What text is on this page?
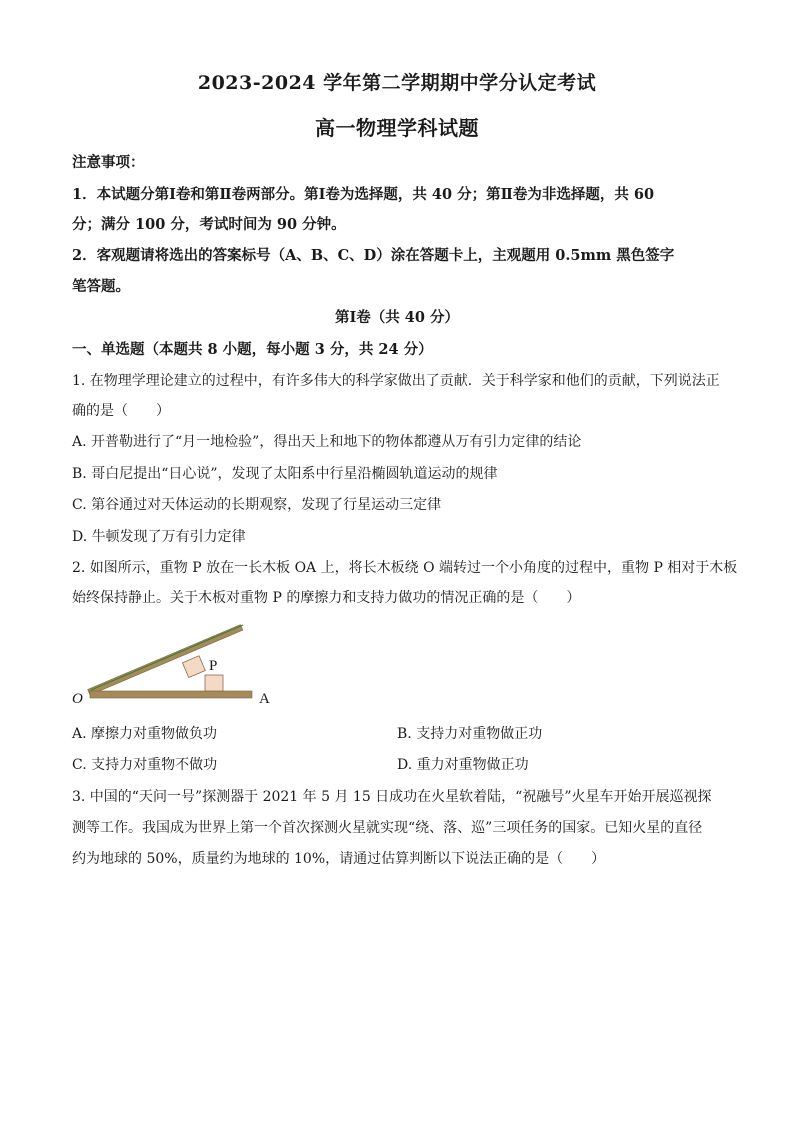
2023-2024 学年第二学期期中学分认定考试
高一物理学科试题
注意事项：
1．本试题分第Ⅰ卷和第Ⅱ卷两部分。第Ⅰ卷为选择题，共 40 分；第Ⅱ卷为非选择题，共 60
分；满分 100 分，考试时间为 90 分钟。
2．客观题请将选出的答案标号（A、B、C、D）涂在答题卡上，主观题用 0.5mm 黑色签字
笔答题。
第Ⅰ卷（共 40 分）
一、单选题（本题共 8 小题，每小题 3 分，共 24 分）
1. 在物理学理论建立的过程中，有许多伟大的科学家做出了贡献．关于科学家和他们的贡献，下列说法正
确的是（　　）
A. 开普勒进行了“月一地检验”，得出天上和地下的物体都遵从万有引力定律的结论
B. 哥白尼提出“日心说”，发现了太阳系中行星沿椭圆轨道运动的规律
C. 第谷通过对天体运动的长期观察，发现了行星运动三定律
D. 牛顿发现了万有引力定律
2. 如图所示，重物 P 放在一长木板 OA 上，将长木板绕 O 端转过一个小角度的过程中，重物 P 相对于木板
始终保持静止。关于木板对重物 P 的摩擦力和支持力做功的情况正确的是（　　）
O	A
P
A. 摩擦力对重物做负功	B. 支持力对重物做正功
C. 支持力对重物不做功	D. 重力对重物做正功
3. 中国的“天问一号”探测器于 2021 年 5 月 15 日成功在火星软着陆，“祝融号”火星车开始开展巡视探
测等工作。我国成为世界上第一个首次探测火星就实现“绕、落、巡”三项任务的国家。已知火星的直径
约为地球的 50%，质量约为地球的 10%，请通过估算判断以下说法正确的是（　　）
